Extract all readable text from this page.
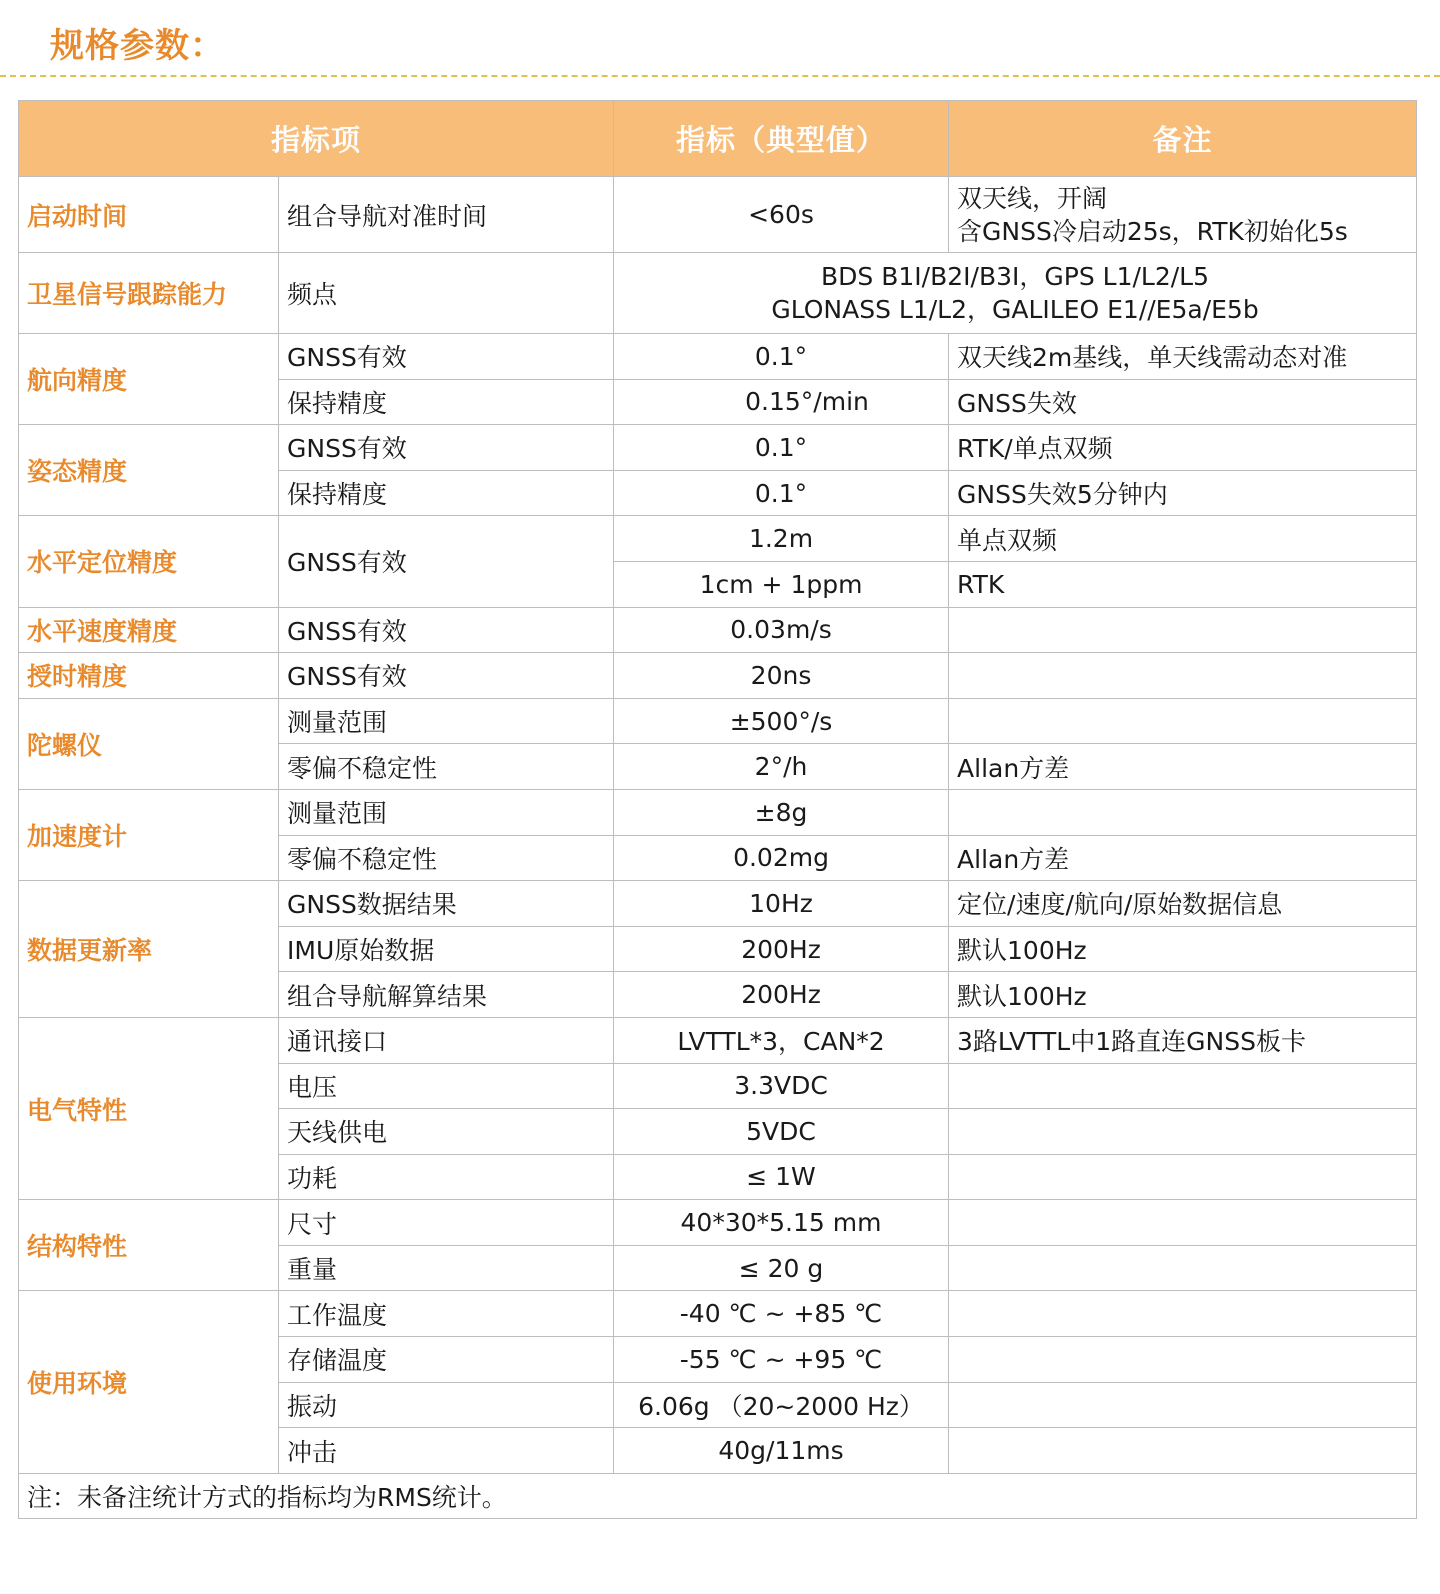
规格参数：
指标项		指标（典型值）	备注
启动时间	组合导航对准时间	<60s	双天线，开阔
含GNSS冷启动25s，RTK初始化5s

卫星信号跟踪能力	频点	BDS B1I/B2I/B3I，GPS L1/L2/L5
GLONASS L1/L2，GALILEO E1//E5a/E5b	

航向精度	GNSS有效	0.1°	双天线2m基线，单天线需动态对准
	保持精度	0.15°/min	GNSS失效
姿态精度	GNSS有效	0.1°	RTK/单点双频
	保持精度	0.1°	GNSS失效5分钟内
水平定位精度	GNSS有效	1.2m	单点双频
		1cm + 1ppm	RTK
水平速度精度	GNSS有效	0.03m/s	
授时精度	GNSS有效	20ns	
陀螺仪	测量范围	±500°/s	
	零偏不稳定性	2°/h	Allan方差
加速度计	测量范围	±8g	
	零偏不稳定性	0.02mg	Allan方差
数据更新率	GNSS数据结果	10Hz	定位/速度/航向/原始数据信息
	IMU原始数据	200Hz	默认100Hz
	组合导航解算结果	200Hz	默认100Hz
电气特性	通讯接口	LVTTL*3，CAN*2	3路LVTTL中1路直连GNSS板卡
	电压	3.3VDC	
	天线供电	5VDC	
	功耗	≤ 1W	
结构特性	尺寸	40*30*5.15 mm	
	重量	≤ 20 g	
使用环境	工作温度	-40 ℃ ~ +85 ℃	
	存储温度	-55 ℃ ~ +95 ℃	
	振动	6.06g （20~2000 Hz）	
	冲击	40g/11ms	
注：未备注统计方式的指标均为RMS统计。			
